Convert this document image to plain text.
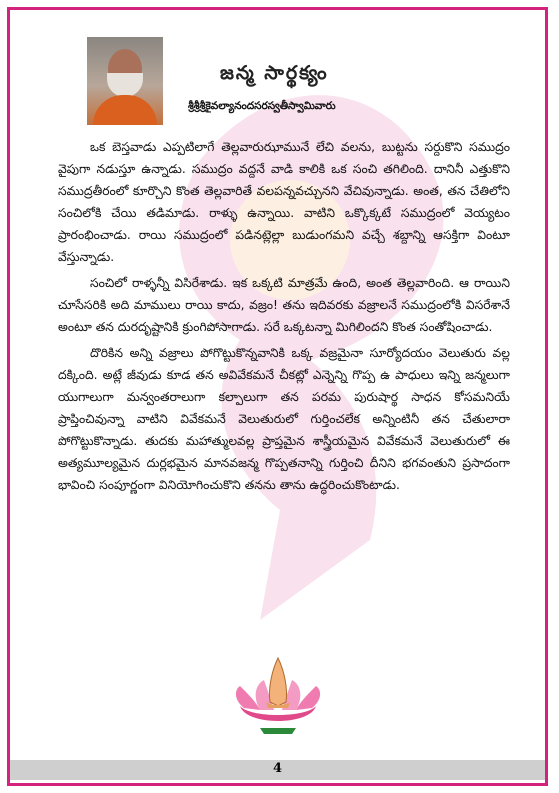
జన్మ సార్థక్యం
శ్రీశ్రీశ్రీకైవల్యానందసరస్వతీస్వామివారు

ఒక బెస్తవాడు ఎప్పటిలాగే తెల్లవారుఝామునే లేచి వలను, బుట్టను సర్దుకొని సముద్రం వైపుగా నడుస్తూ ఉన్నాడు. సముద్రం వద్దనే వాడి కాలికి ఒక సంచి తగిలింది. దానినీ ఎత్తుకొని సముద్రతీరంలో కూర్చొని కొంత తెల్లవారితే వలపన్నవచ్చునని వేచివున్నాడు. అంత, తన చేతిలోని సంచిలోకి చేయి తడిమాడు. రాళ్ళు ఉన్నాయి. వాటిని ఒక్కొక్కటే సముద్రంలో వెయ్యటం ప్రారంభించాడు. రాయి సముద్రంలో పడినట్లెల్లా బుడుంగమని వచ్చే శబ్దాన్ని ఆసక్తిగా వింటూ వేస్తున్నాడు.

సంచిలో రాళ్ళన్నీ విసిరేశాడు. ఇక ఒక్కటి మాత్రమే ఉంది, అంత తెల్లవారింది. ఆ రాయిని చూసేసరికి అది మాములు రాయి కాదు, వజ్రం! తను ఇదివరకు వజ్రాలనే సముద్రంలోకి విసరేశానే అంటూ తన దురదృష్టానికి క్రుంగిపోసాగాడు. సరే ఒక్కటన్నా మిగిలిందని కొంత సంతోషించాడు.

దొరికిన అన్ని వజ్రాలు పోగొట్టుకొన్నవానికి ఒక్క వజ్రమైనా సూర్యోదయం వెలుతురు వల్ల దక్కింది. అట్లే జీవుడు కూడ తన అవివేకమనే చీకట్లో ఎన్నెన్ని గొప్ప ఉ పాధులు ఇన్ని జన్మలుగా యుగాలుగా మన్వంతరాలుగా కల్పాలుగా తన పరమ పురుషార్థ సాధన కోసమనియే ప్రాప్తించివున్నా వాటిని వివేకమనే వెలుతురులో గుర్తించలేక అన్నింటినీ తన చేతులారా పోగొట్టుకొన్నాడు. తుదకు మహాత్ములవల్ల ప్రాప్తమైన శాస్త్రీయమైన వివేకమనే వెలుతురులో ఈ అత్యమూల్యమైన దుర్లభమైన మానవజన్మ గొప్పతనాన్ని గుర్తించి దీనిని భగవంతుని ప్రసాదంగా భావించి సంపూర్ణంగా వినియోగించుకొని తనను తాను ఉద్ధరించుకొంటాడు.

4
